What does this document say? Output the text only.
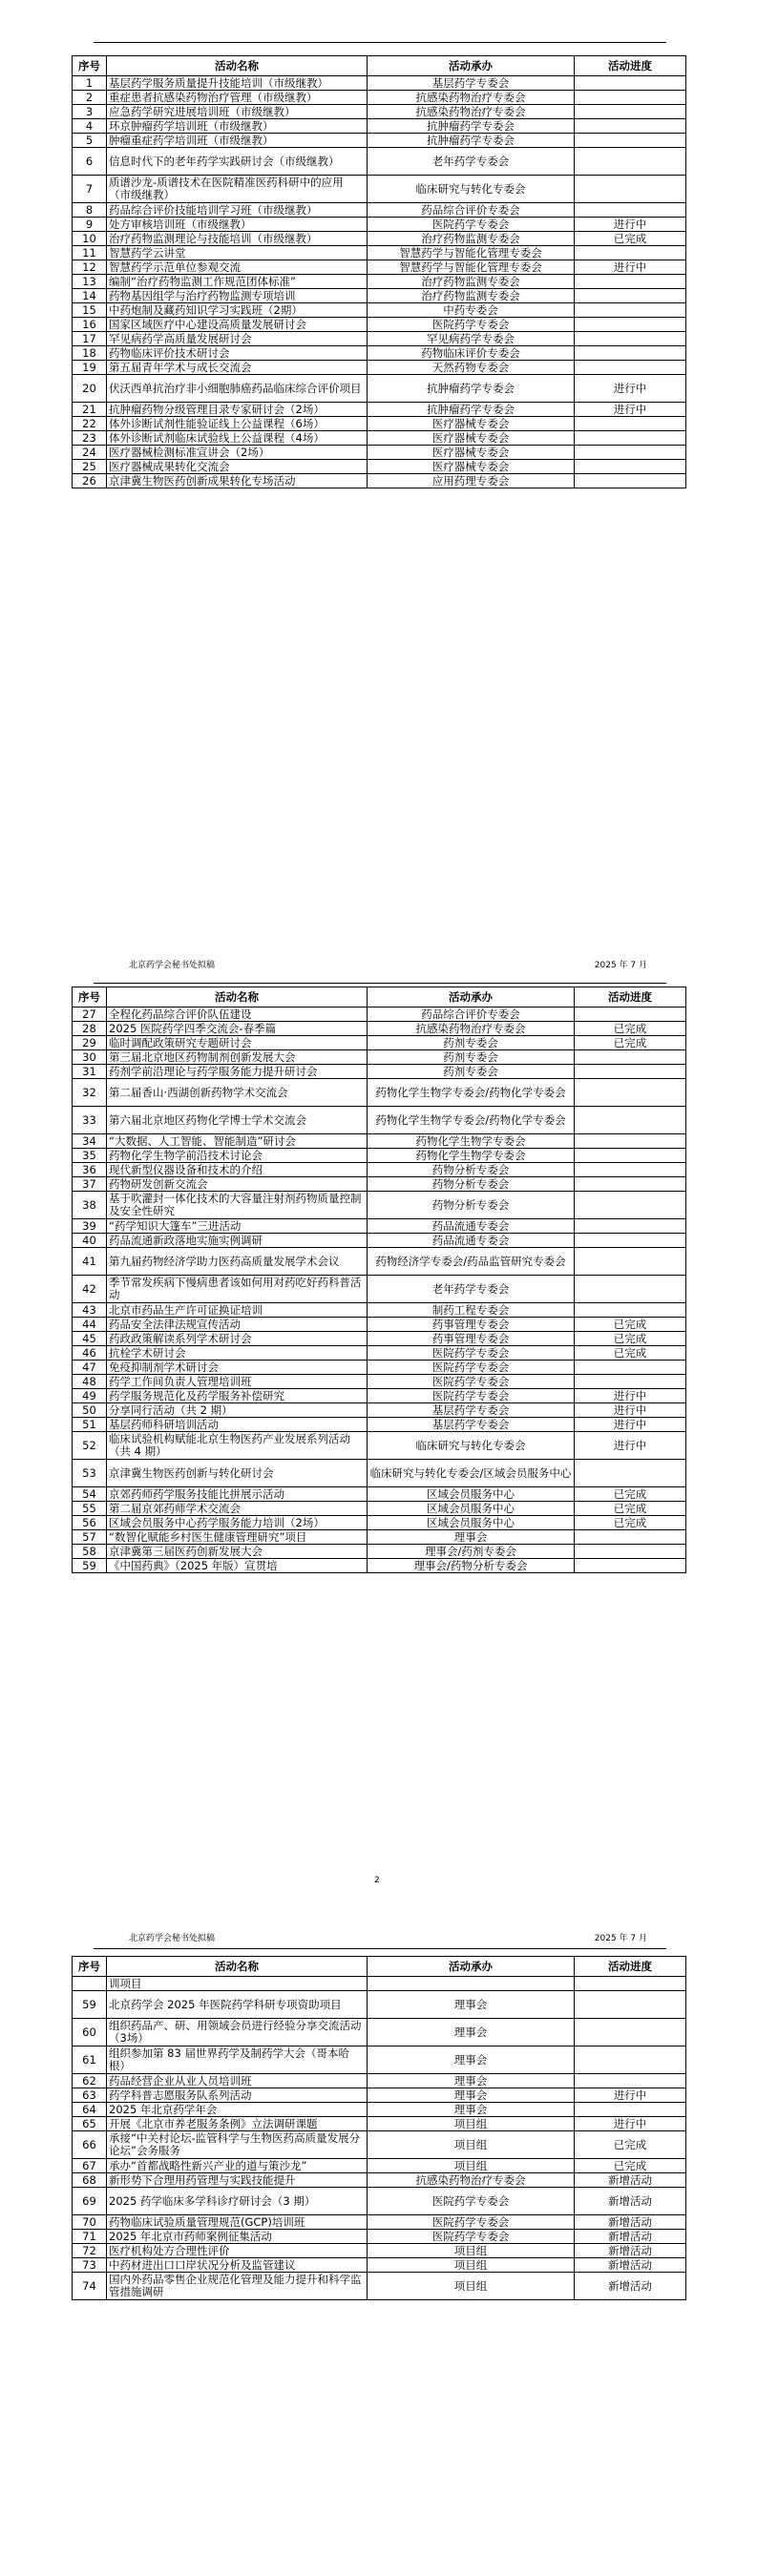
序号	活动名称	活动承办	活动进度
1	基层药学服务质量提升技能培训（市级继教）	基层药学专委会	
2	重症患者抗感染药物治疗管理（市级继教）	抗感染药物治疗专委会	
3	应急药学研究进展培训班（市级继教）	抗感染药物治疗专委会	
4	环京肿瘤药学培训班（市级继教）	抗肿瘤药学专委会	
5	肿瘤重症药学培训班（市级继教）	抗肿瘤药学专委会	
6	信息时代下的老年药学实践研讨会（市级继教）	老年药学专委会	
7	质谱沙龙-质谱技术在医院精准医药科研中的应用（市级继教）	临床研究与转化专委会	
8	药品综合评价技能培训学习班（市级继教）	药品综合评价专委会	
9	处方审核培训班（市级继教）	医院药学专委会	进行中
10	治疗药物监测理论与技能培训（市级继教）	治疗药物监测专委会	已完成
11	智慧药学云讲堂	智慧药学与智能化管理专委会	
12	智慧药学示范单位参观交流	智慧药学与智能化管理专委会	进行中
13	编制“治疗药物监测工作规范团体标准”	治疗药物监测专委会	
14	药物基因组学与治疗药物监测专项培训	治疗药物监测专委会	
15	中药炮制及藏药知识学习实践班（2期）	中药专委会	
16	国家区域医疗中心建设高质量发展研讨会	医院药学专委会	
17	罕见病药学高质量发展研讨会	罕见病药学专委会	
18	药物临床评价技术研讨会	药物临床评价专委会	
19	第五届青年学术与成长交流会	天然药物专委会	
20	伏沃西单抗治疗非小细胞肺癌药品临床综合评价项目	抗肿瘤药学专委会	进行中
21	抗肿瘤药物分级管理目录专家研讨会（2场）	抗肿瘤药学专委会	进行中
22	体外诊断试剂性能验证线上公益课程（6场）	医疗器械专委会	
23	体外诊断试剂临床试验线上公益课程（4场）	医疗器械专委会	
24	医疗器械检测标准宣讲会（2场）	医疗器械专委会	
25	医疗器械成果转化交流会	医疗器械专委会	
26	京津冀生物医药创新成果转化专场活动	应用药理专委会	
北京药学会秘书处拟稿	2025 年 7 月
序号	活动名称	活动承办	活动进度
27	全程化药品综合评价队伍建设	药品综合评价专委会	
28	2025 医院药学四季交流会-春季篇	抗感染药物治疗专委会	已完成
29	临时调配政策研究专题研讨会	药剂专委会	已完成
30	第三届北京地区药物制剂创新发展大会	药剂专委会	
31	药剂学前沿理论与药学服务能力提升研讨会	药剂专委会	
32	第二届香山·西湖创新药物学术交流会	药物化学生物学专委会/药物化学专委会	
33	第六届北京地区药物化学博士学术交流会	药物化学生物学专委会/药物化学专委会	
34	“大数据、人工智能、智能制造”研讨会	药物化学生物学专委会	
35	药物化学生物学前沿技术讨论会	药物化学生物学专委会	
36	现代新型仪器设备和技术的介绍	药物分析专委会	
37	药物研发创新交流会	药物分析专委会	
38	基于吹灌封一体化技术的大容量注射剂药物质量控制及安全性研究	药物分析专委会	
39	“药学知识大篷车”三进活动	药品流通专委会	
40	药品流通新政落地实施实例调研	药品流通专委会	
41	第九届药物经济学助力医药高质量发展学术会议	药物经济学专委会/药品监管研究专委会	
42	季节常发疾病下慢病患者该如何用对药吃好药科普活动	老年药学专委会	
43	北京市药品生产许可证换证培训	制药工程专委会	
44	药品安全法律法规宣传活动	药事管理专委会	已完成
45	药政政策解读系列学术研讨会	药事管理专委会	已完成
46	抗栓学术研讨会	医院药学专委会	已完成
47	免疫抑制剂学术研讨会	医院药学专委会	
48	药学工作间负责人管理培训班	医院药学专委会	
49	药学服务规范化及药学服务补偿研究	医院药学专委会	进行中
50	分享同行活动（共 2 期）	基层药学专委会	进行中
51	基层药师科研培训活动	基层药学专委会	进行中
52	临床试验机构赋能北京生物医药产业发展系列活动（共 4 期）	临床研究与转化专委会	进行中
53	京津冀生物医药创新与转化研讨会	临床研究与转化专委会/区域会员服务中心	
54	京郊药师药学服务技能比拼展示活动	区域会员服务中心	已完成
55	第二届京郊药师学术交流会	区域会员服务中心	已完成
56	区域会员服务中心药学服务能力培训（2场）	区域会员服务中心	已完成
57	“数智化赋能乡村医生健康管理研究”项目	理事会	
58	京津冀第三届医药创新发展大会	理事会/药剂专委会	
59	《中国药典》（2025 年版）宣贯培	理事会/药物分析专委会	
2
北京药学会秘书处拟稿	2025 年 7 月
序号	活动名称	活动承办	活动进度
	训项目		
59	北京药学会 2025 年医院药学科研专项资助项目	理事会	
60	组织药品产、研、用领域会员进行经验分享交流活动（3场）	理事会	
61	组织参加第 83 届世界药学及制药学大会（哥本哈根）	理事会	
62	药品经营企业从业人员培训班	理事会	
63	药学科普志愿服务队系列活动	理事会	进行中
64	2025 年北京药学年会	理事会	
65	开展《北京市养老服务条例》立法调研课题	项目组	进行中
66	承接“中关村论坛-监管科学与生物医药高质量发展分论坛”会务服务	项目组	已完成
67	承办“首都战略性新兴产业的道与策沙龙”	项目组	已完成
68	新形势下合理用药管理与实践技能提升	抗感染药物治疗专委会	新增活动
69	2025 药学临床多学科诊疗研讨会（3 期）	医院药学专委会	新增活动
70	药物临床试验质量管理规范(GCP)培训班	医院药学专委会	新增活动
71	2025 年北京市药师案例征集活动	医院药学专委会	新增活动
72	医疗机构处方合理性评价	项目组	新增活动
73	中药材进出口口岸状况分析及监管建议	项目组	新增活动
74	国内外药品零售企业规范化管理及能力提升和科学监管措施调研	项目组	新增活动
